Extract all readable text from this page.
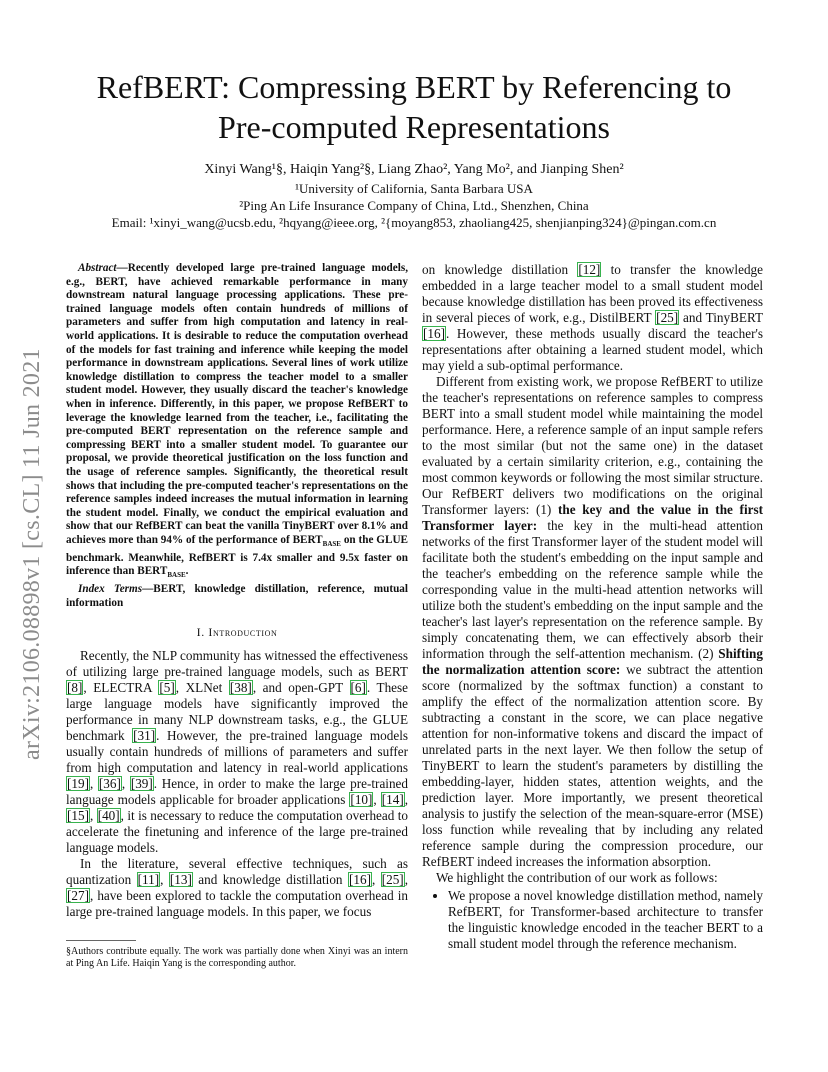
arXiv:2106.08898v1 [cs.CL] 11 Jun 2021
RefBERT: Compressing BERT by Referencing to
Pre-computed Representations
Xinyi Wang¹§, Haiqin Yang²§, Liang Zhao², Yang Mo², and Jianping Shen²
¹University of California, Santa Barbara USA
²Ping An Life Insurance Company of China, Ltd., Shenzhen, China
Email: ¹xinyi_wang@ucsb.edu, ²hqyang@ieee.org, ²{moyang853, zhaoliang425, shenjianping324}@pingan.com.cn

Abstract—Recently developed large pre-trained language models, e.g., BERT, have achieved remarkable performance in many downstream natural language processing applications. These pre-trained language models often contain hundreds of millions of parameters and suffer from high computation and latency in real-world applications. It is desirable to reduce the computation overhead of the models for fast training and inference while keeping the model performance in downstream applications. Several lines of work utilize knowledge distillation to compress the teacher model to a smaller student model. However, they usually discard the teacher's knowledge when in inference. Differently, in this paper, we propose RefBERT to leverage the knowledge learned from the teacher, i.e., facilitating the pre-computed BERT representation on the reference sample and compressing BERT into a smaller student model. To guarantee our proposal, we provide theoretical justification on the loss function and the usage of reference samples. Significantly, the theoretical result shows that including the pre-computed teacher's representations on the reference samples indeed increases the mutual information in learning the student model. Finally, we conduct the empirical evaluation and show that our RefBERT can beat the vanilla TinyBERT over 8.1% and achieves more than 94% of the performance of $BERT_{BASE}$ on the GLUE benchmark. Meanwhile, RefBERT is 7.4x smaller and 9.5x faster on inference than $BERT_{BASE}$.

Index Terms—BERT, knowledge distillation, reference, mutual information

I. Introduction

Recently, the NLP community has witnessed the effectiveness of utilizing large pre-trained language models, such as BERT [8], ELECTRA [5], XLNet [38], and open-GPT [6]. These large language models have significantly improved the performance in many NLP downstream tasks, e.g., the GLUE benchmark [31]. However, the pre-trained language models usually contain hundreds of millions of parameters and suffer from high computation and latency in real-world applications [19], [36], [39]. Hence, in order to make the large pre-trained language models applicable for broader applications [10], [14], [15], [40], it is necessary to reduce the computation overhead to accelerate the finetuning and inference of the large pre-trained language models.

In the literature, several effective techniques, such as quantization [11], [13] and knowledge distillation [16], [25], [27], have been explored to tackle the computation overhead in large pre-trained language models. In this paper, we focus

§Authors contribute equally. The work was partially done when Xinyi was an intern at Ping An Life. Haiqin Yang is the corresponding author.

on knowledge distillation [12] to transfer the knowledge embedded in a large teacher model to a small student model because knowledge distillation has been proved its effectiveness in several pieces of work, e.g., DistilBERT [25] and TinyBERT [16]. However, these methods usually discard the teacher's representations after obtaining a learned student model, which may yield a sub-optimal performance.

Different from existing work, we propose RefBERT to utilize the teacher's representations on reference samples to compress BERT into a small student model while maintaining the model performance. Here, a reference sample of an input sample refers to the most similar (but not the same one) in the dataset evaluated by a certain similarity criterion, e.g., containing the most common keywords or following the most similar structure. Our RefBERT delivers two modifications on the original Transformer layers: (1) the key and the value in the first Transformer layer: the key in the multi-head attention networks of the first Transformer layer of the student model will facilitate both the student's embedding on the input sample and the teacher's embedding on the reference sample while the corresponding value in the multi-head attention networks will utilize both the student's embedding on the input sample and the teacher's last layer's representation on the reference sample. By simply concatenating them, we can effectively absorb their information through the self-attention mechanism. (2) Shifting the normalization attention score: we subtract the attention score (normalized by the softmax function) a constant to amplify the effect of the normalization attention score. By subtracting a constant in the score, we can place negative attention for non-informative tokens and discard the impact of unrelated parts in the next layer. We then follow the setup of TinyBERT to learn the student's parameters by distilling the embedding-layer, hidden states, attention weights, and the prediction layer. More importantly, we present theoretical analysis to justify the selection of the mean-square-error (MSE) loss function while revealing that by including any related reference sample during the compression procedure, our RefBERT indeed increases the information absorption.

We highlight the contribution of our work as follows:

• We propose a novel knowledge distillation method, namely RefBERT, for Transformer-based architecture to transfer the linguistic knowledge encoded in the teacher BERT to a small student model through the reference mechanism.
